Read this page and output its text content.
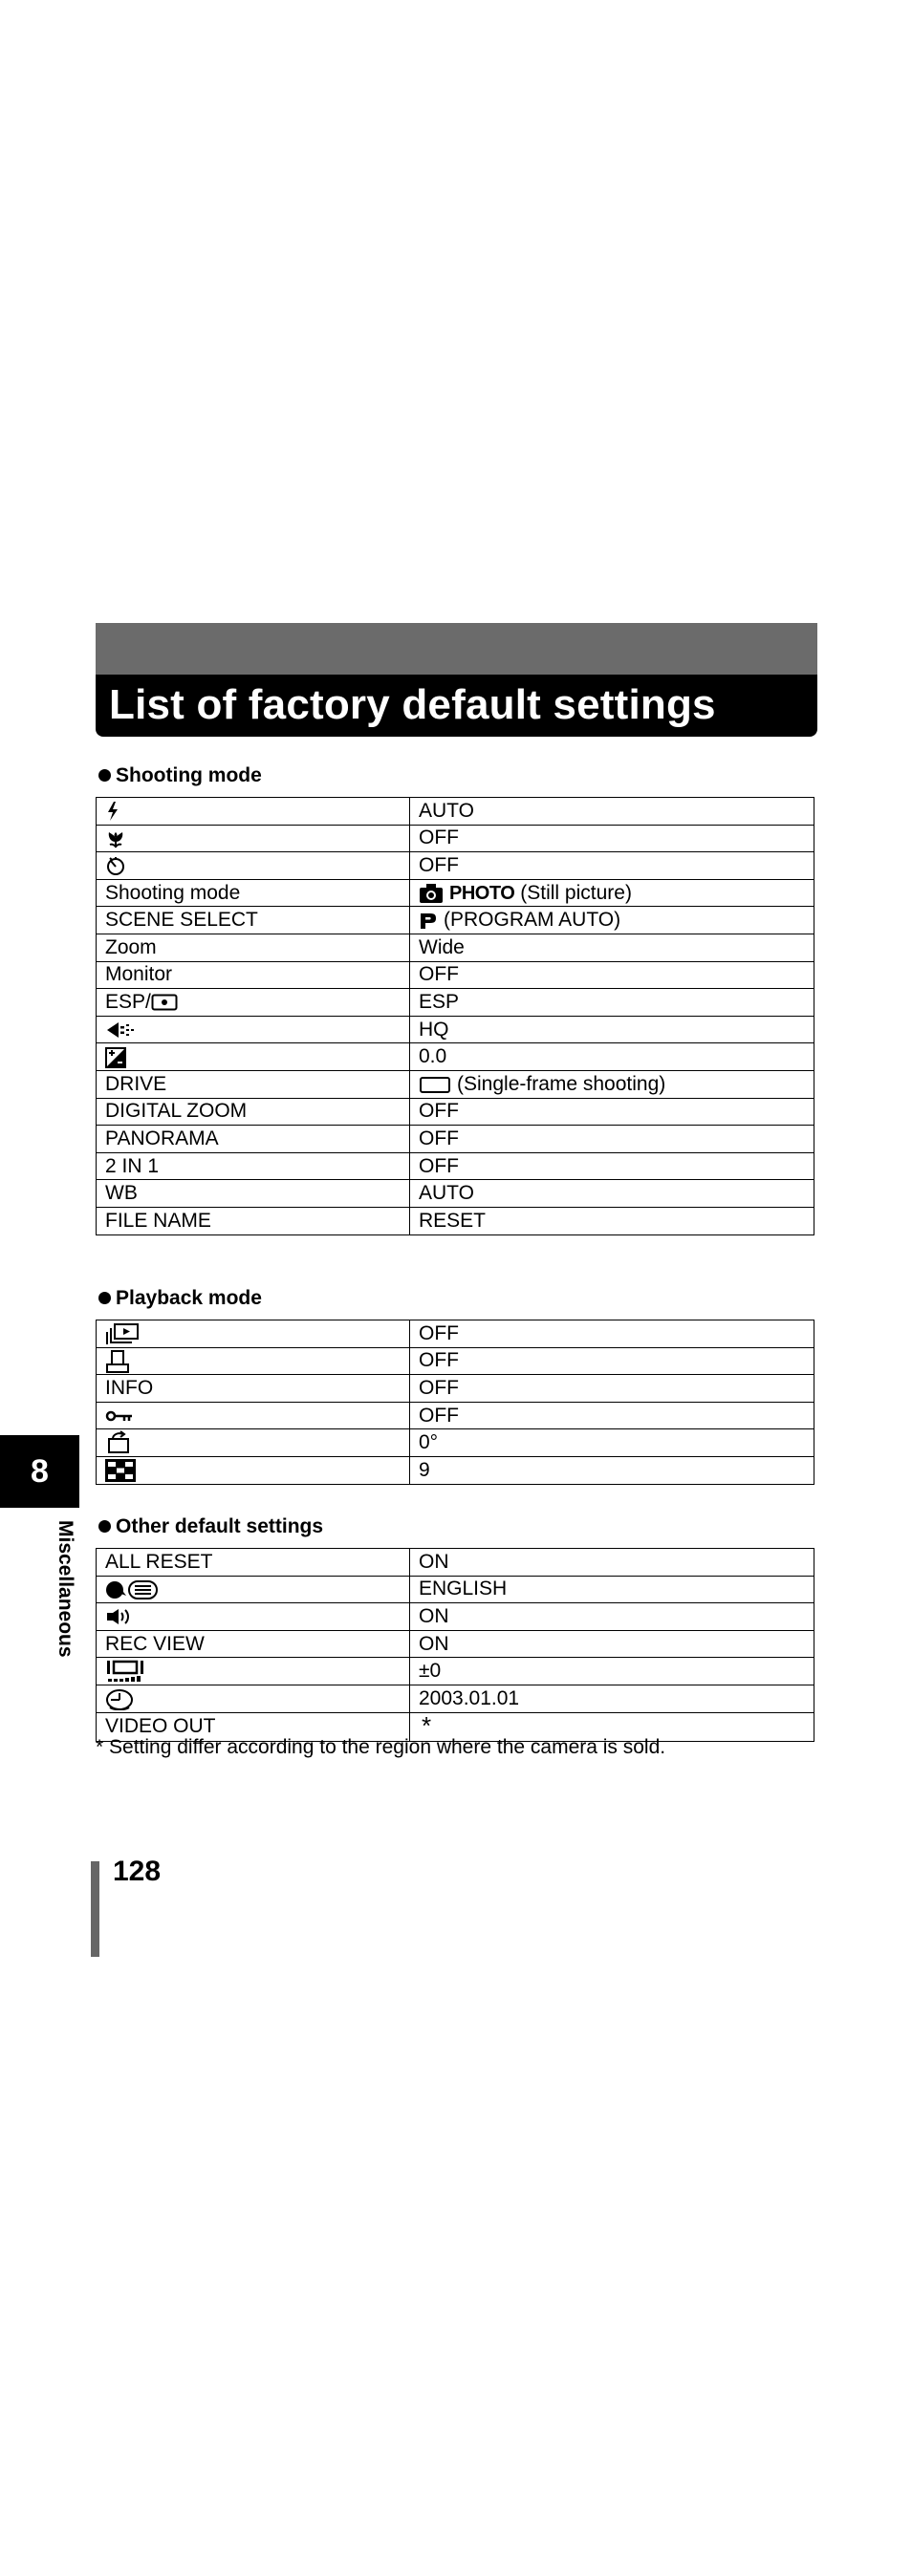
List of factory default settings
Shooting mode
	AUTO

	OFF

	OFF
Shooting mode	PHOTO (Still picture)
SCENE SELECT	(PROGRAM AUTO)
Zoom	Wide
Monitor	OFF
ESP/	ESP

	HQ

	0.0
DRIVE	(Single-frame shooting)
DIGITAL ZOOM	OFF
PANORAMA	OFF
2 IN 1	OFF
WB	AUTO
FILE NAME	RESET
Playback mode
	OFF

	OFF
INFO	OFF

	OFF

	0°

	9
Other default settings
ALL RESET	ON

	ENGLISH

	ON
REC VIEW	ON

	±0

	2003.01.01
VIDEO OUT	*
* Setting differ according to the region where the camera is sold.
8
Miscellaneous
128
